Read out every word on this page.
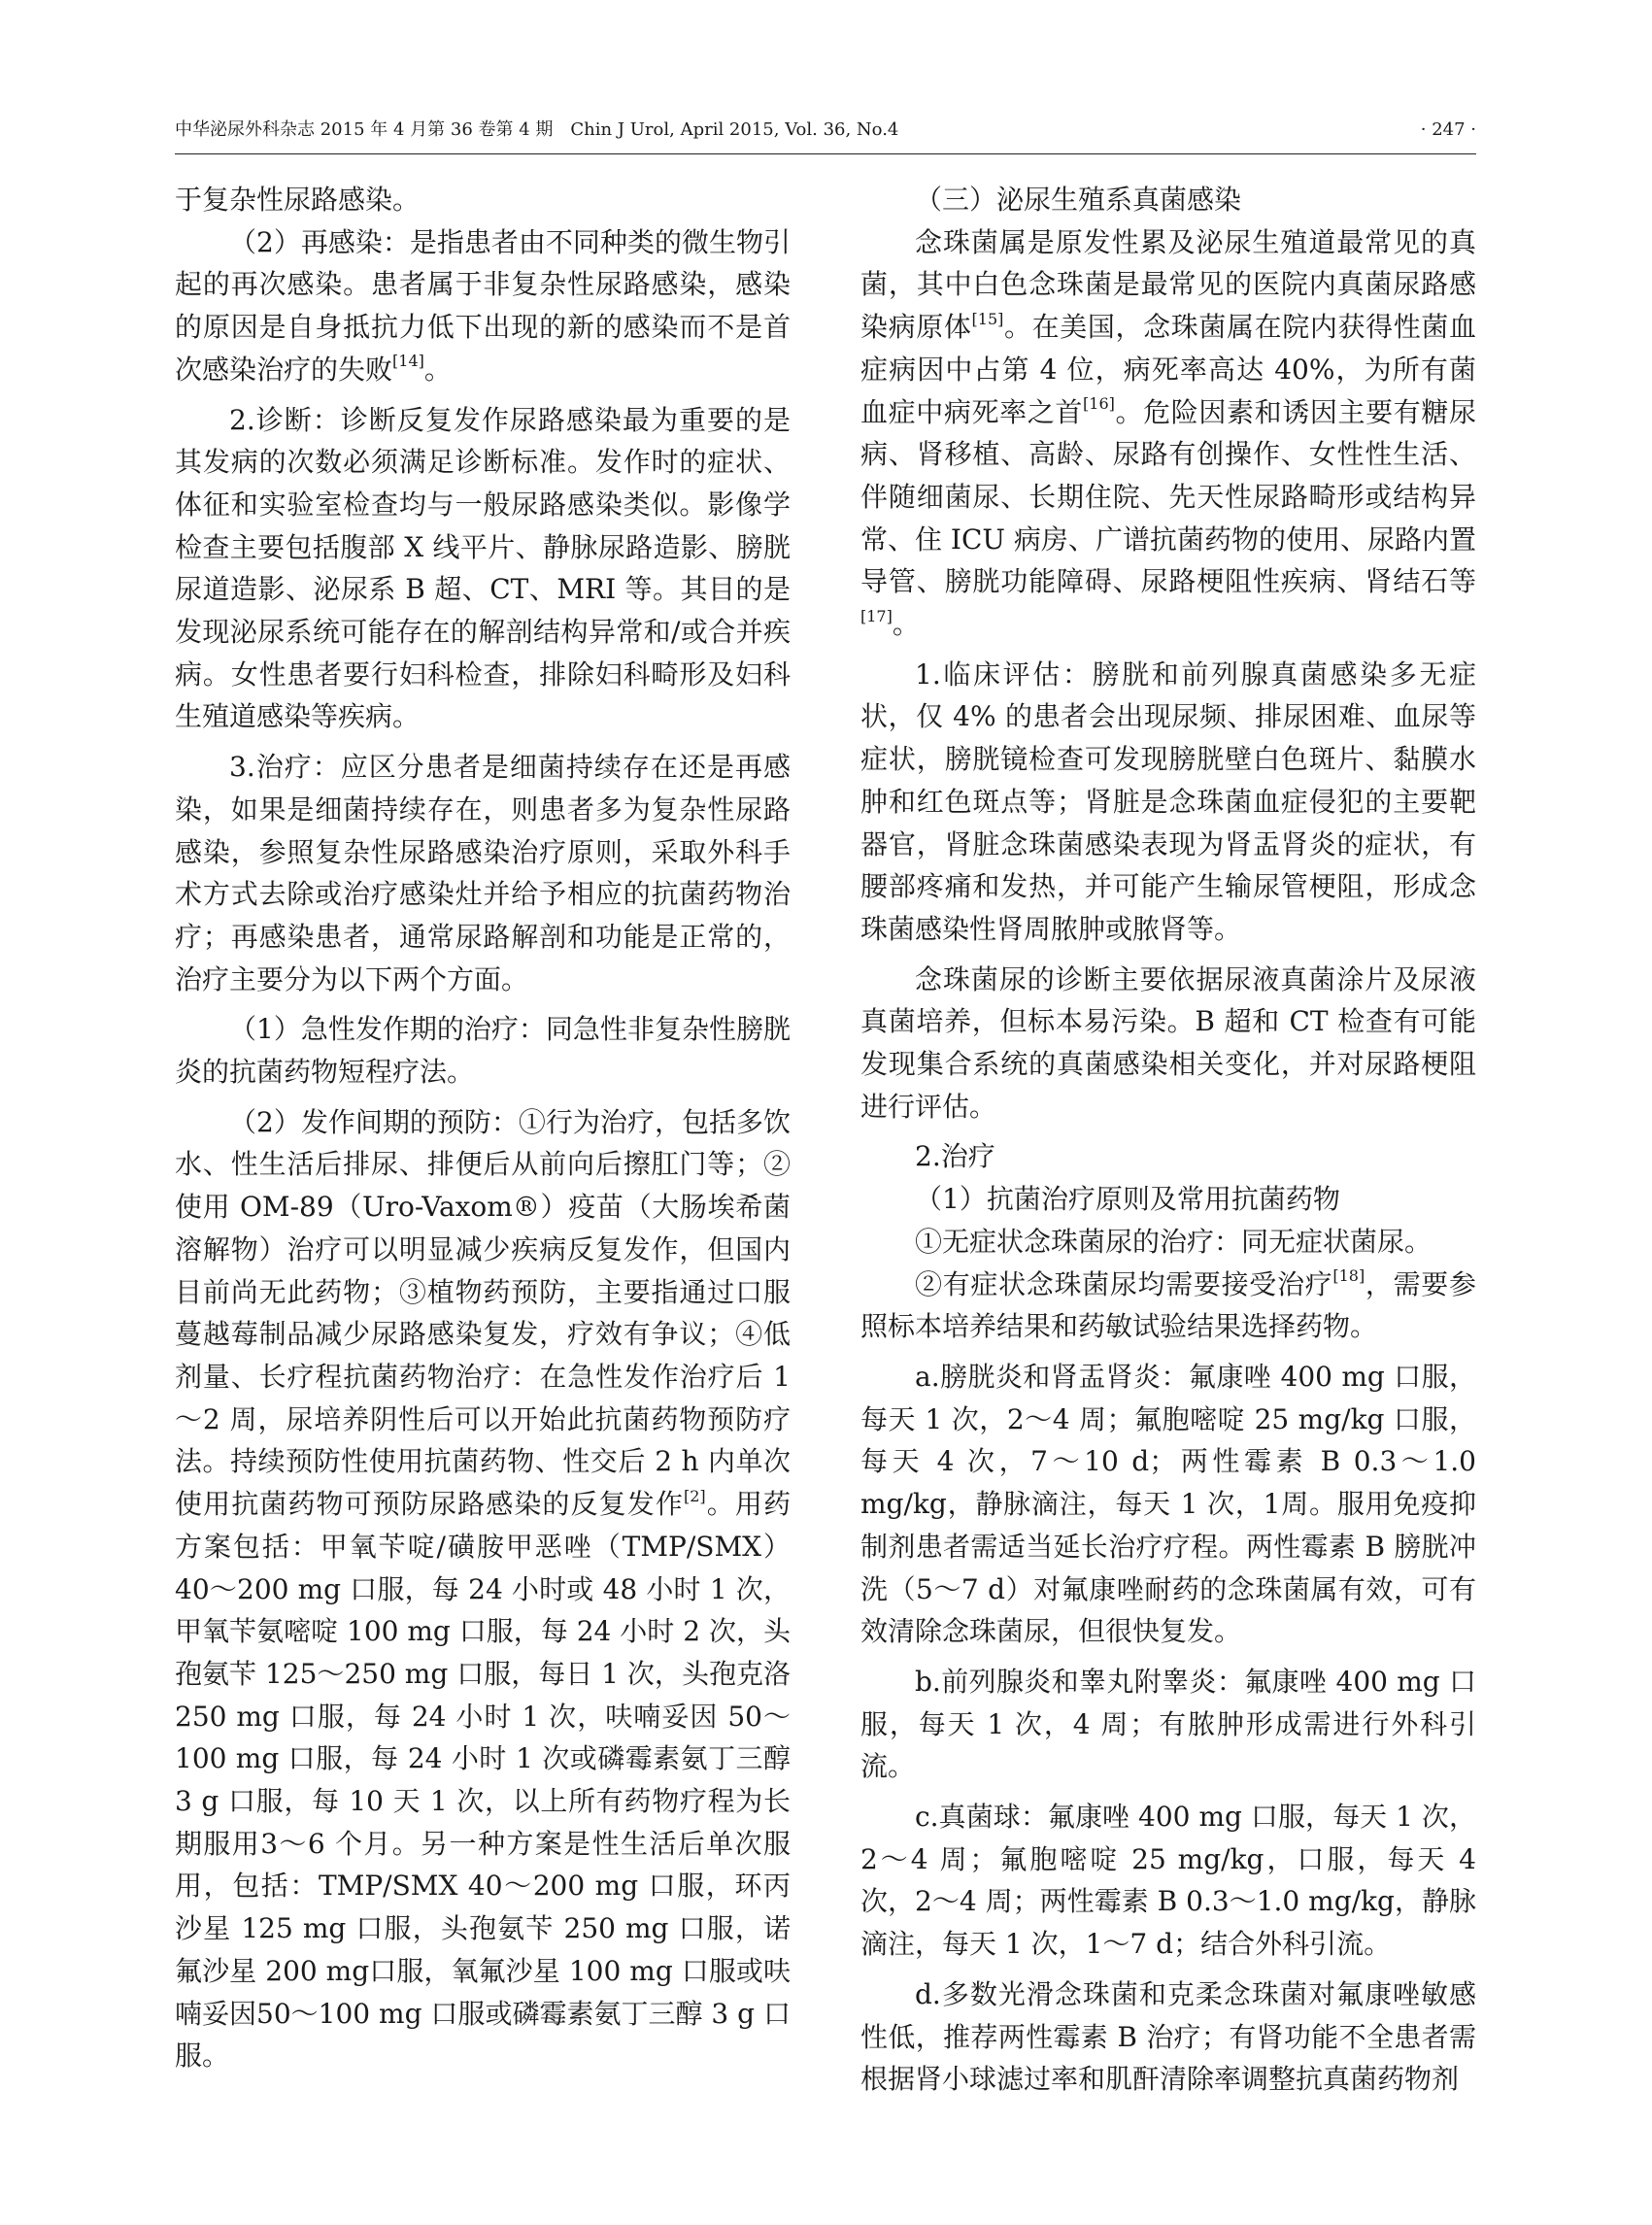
中华泌尿外科杂志 2015 年 4 月第 36 卷第 4 期　Chin J Urol, April 2015, Vol. 36, No.4	· 247 ·

于复杂性尿路感染。

（2）再感染：是指患者由不同种类的微生物引起的再次感染。患者属于非复杂性尿路感染，感染的原因是自身抵抗力低下出现的新的感染而不是首次感染治疗的失败[14]。

2.诊断：诊断反复发作尿路感染最为重要的是其发病的次数必须满足诊断标准。发作时的症状、体征和实验室检查均与一般尿路感染类似。影像学检查主要包括腹部 X 线平片、静脉尿路造影、膀胱尿道造影、泌尿系 B 超、CT、MRI 等。其目的是发现泌尿系统可能存在的解剖结构异常和/或合并疾病。女性患者要行妇科检查，排除妇科畸形及妇科生殖道感染等疾病。

3.治疗：应区分患者是细菌持续存在还是再感染，如果是细菌持续存在，则患者多为复杂性尿路感染，参照复杂性尿路感染治疗原则，采取外科手术方式去除或治疗感染灶并给予相应的抗菌药物治疗；再感染患者，通常尿路解剖和功能是正常的，治疗主要分为以下两个方面。

（1）急性发作期的治疗：同急性非复杂性膀胱炎的抗菌药物短程疗法。

（2）发作间期的预防：①行为治疗，包括多饮水、性生活后排尿、排便后从前向后擦肛门等；②使用 OM-89（Uro-Vaxom®）疫苗（大肠埃希菌溶解物）治疗可以明显减少疾病反复发作，但国内目前尚无此药物；③植物药预防，主要指通过口服蔓越莓制品减少尿路感染复发，疗效有争议；④低剂量、长疗程抗菌药物治疗：在急性发作治疗后 1～2 周，尿培养阴性后可以开始此抗菌药物预防疗法。持续预防性使用抗菌药物、性交后 2 h 内单次使用抗菌药物可预防尿路感染的反复发作[2]。用药方案包括：甲氧苄啶/磺胺甲恶唑（TMP/SMX）40～200 mg 口服，每 24 小时或 48 小时 1 次，甲氧苄氨嘧啶 100 mg 口服，每 24 小时 2 次，头孢氨苄 125～250 mg 口服，每日 1 次，头孢克洛 250 mg 口服，每 24 小时 1 次，呋喃妥因 50～100 mg 口服，每 24 小时 1 次或磷霉素氨丁三醇 3 g 口服，每 10 天 1 次，以上所有药物疗程为长期服用3～6 个月。另一种方案是性生活后单次服用，包括：TMP/SMX 40～200 mg 口服，环丙沙星 125 mg 口服，头孢氨苄 250 mg 口服，诺氟沙星 200 mg口服，氧氟沙星 100 mg 口服或呋喃妥因50～100 mg 口服或磷霉素氨丁三醇 3 g 口服。

（三）泌尿生殖系真菌感染

念珠菌属是原发性累及泌尿生殖道最常见的真菌，其中白色念珠菌是最常见的医院内真菌尿路感染病原体[15]。在美国，念珠菌属在院内获得性菌血症病因中占第 4 位，病死率高达 40%，为所有菌血症中病死率之首[16]。危险因素和诱因主要有糖尿病、肾移植、高龄、尿路有创操作、女性性生活、伴随细菌尿、长期住院、先天性尿路畸形或结构异常、住 ICU 病房、广谱抗菌药物的使用、尿路内置导管、膀胱功能障碍、尿路梗阻性疾病、肾结石等[17]。

1.临床评估：膀胱和前列腺真菌感染多无症状，仅 4% 的患者会出现尿频、排尿困难、血尿等症状，膀胱镜检查可发现膀胱壁白色斑片、黏膜水肿和红色斑点等；肾脏是念珠菌血症侵犯的主要靶器官，肾脏念珠菌感染表现为肾盂肾炎的症状，有腰部疼痛和发热，并可能产生输尿管梗阻，形成念珠菌感染性肾周脓肿或脓肾等。

念珠菌尿的诊断主要依据尿液真菌涂片及尿液真菌培养，但标本易污染。B 超和 CT 检查有可能发现集合系统的真菌感染相关变化，并对尿路梗阻进行评估。

2.治疗

（1）抗菌治疗原则及常用抗菌药物

①无症状念珠菌尿的治疗：同无症状菌尿。

②有症状念珠菌尿均需要接受治疗[18]，需要参照标本培养结果和药敏试验结果选择药物。

a.膀胱炎和肾盂肾炎：氟康唑 400 mg 口服，每天 1 次，2～4 周；氟胞嘧啶 25 mg/kg 口服，每天 4 次，7～10 d；两性霉素 B 0.3～1.0 mg/kg，静脉滴注，每天 1 次，1周。服用免疫抑制剂患者需适当延长治疗疗程。两性霉素 B 膀胱冲洗（5～7 d）对氟康唑耐药的念珠菌属有效，可有效清除念珠菌尿，但很快复发。

b.前列腺炎和睾丸附睾炎：氟康唑 400 mg 口服，每天 1 次，4 周；有脓肿形成需进行外科引流。

c.真菌球：氟康唑 400 mg 口服，每天 1 次，2～4 周；氟胞嘧啶 25 mg/kg，口服，每天 4 次，2～4 周；两性霉素 B 0.3～1.0 mg/kg，静脉滴注，每天 1 次，1～7 d；结合外科引流。

d.多数光滑念珠菌和克柔念珠菌对氟康唑敏感性低，推荐两性霉素 B 治疗；有肾功能不全患者需根据肾小球滤过率和肌酐清除率调整抗真菌药物剂
